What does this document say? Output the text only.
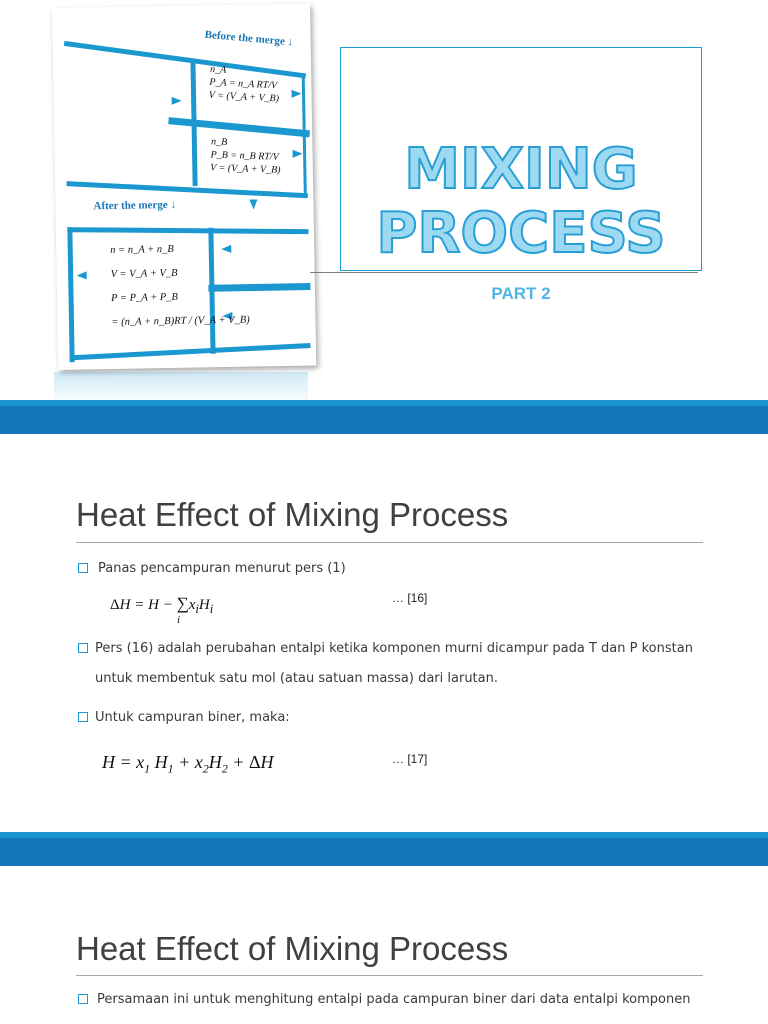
Before the merge ↓
After the merge ↓
n_A
P_A = n_A RT/V
V = (V_A + V_B)
n_B
P_B = n_B RT/V
V = (V_A + V_B)
n = n_A + n_B
V = V_A + V_B
P = P_A + P_B
= (n_A + n_B)RT / (V_A + V_B)
MIXING
PROCESS
PART 2
Heat Effect of Mixing Process
Panas pencampuran menurut pers (1)
$\Delta H = H - \sum x_iH_i$
i
… [16]
Pers (16) adalah perubahan entalpi ketika komponen murni dicampur pada T dan P konstan
untuk membentuk satu mol (atau satuan massa) dari larutan.
Untuk campuran biner, maka:
$H = x_1$ $H_1 + x_2H_2 + \Delta H$	… [17]
Heat Effect of Mixing Process
Persamaan ini untuk menghitung entalpi pada campuran biner dari data entalpi komponen
